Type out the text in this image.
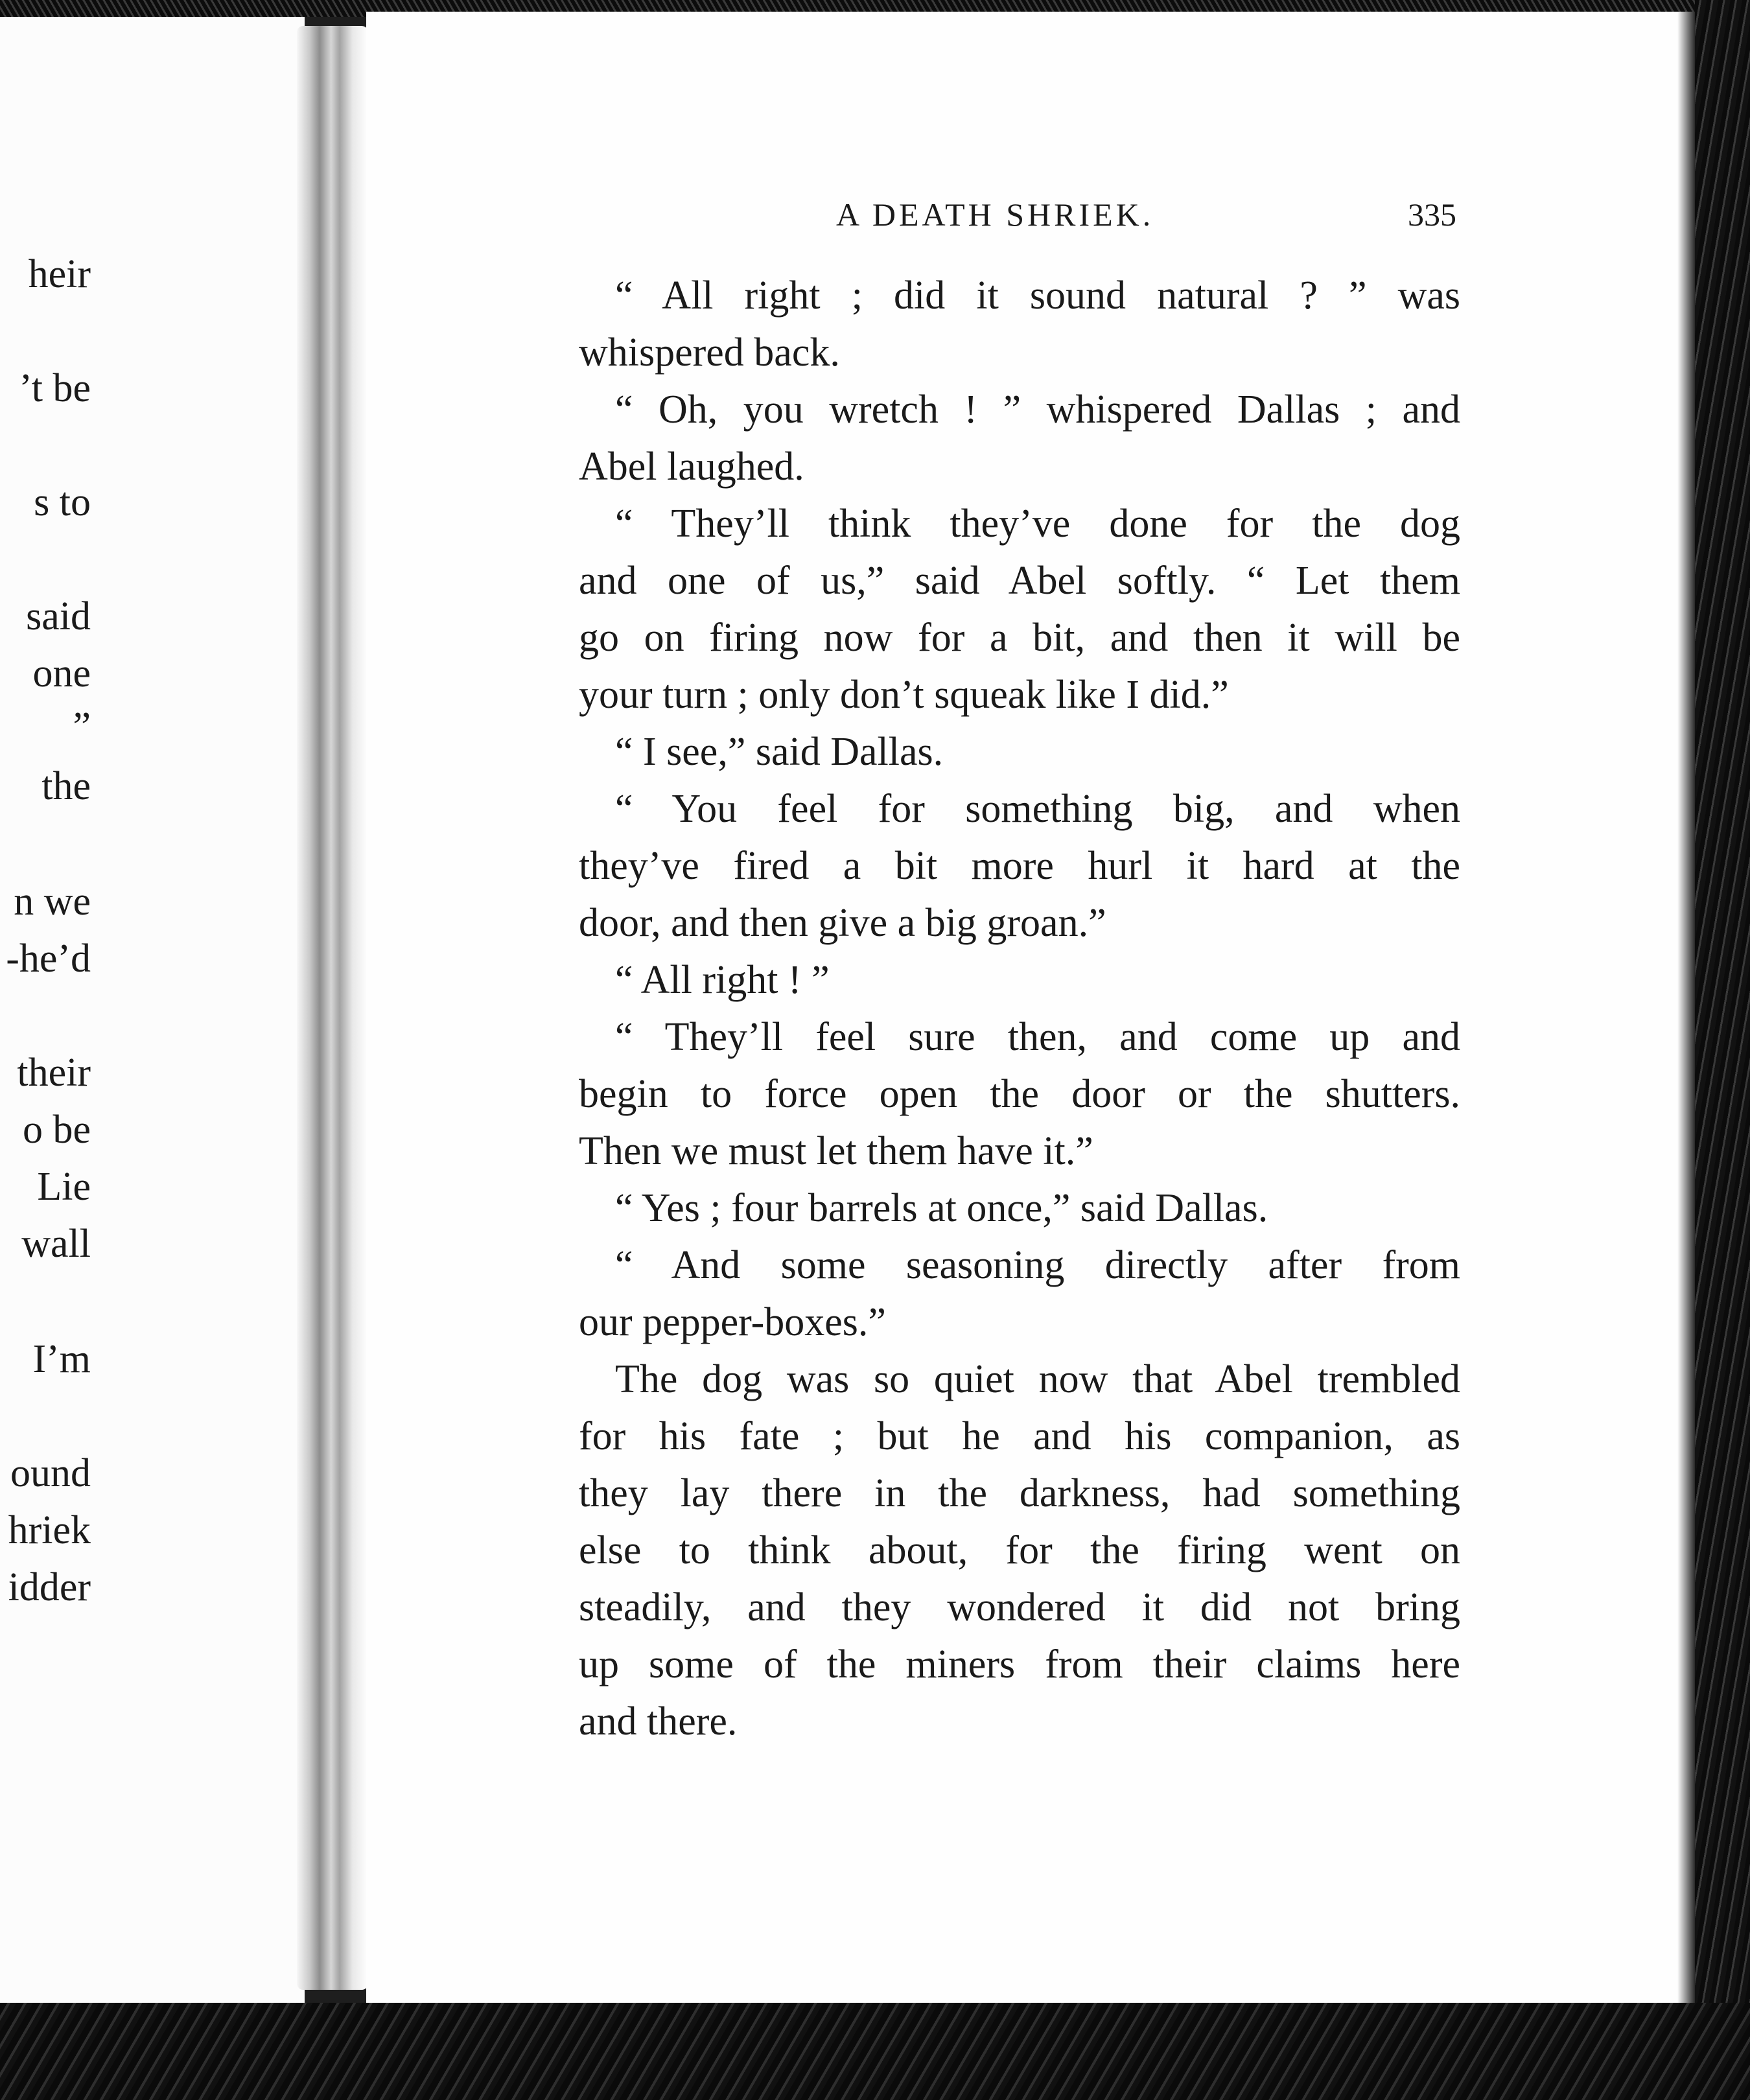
heir
’t be
s to
said
one
”
the
n we
-he’d
their
o be
Lie
wall
I’m
ound
hriek
idder
A DEATH SHRIEK.	335
“ All right ; did it sound natural ? ” was
whispered back.
“ Oh, you wretch ! ” whispered Dallas ; and
Abel laughed.
“ They’ll think they’ve done for the dog
and one of us,” said Abel softly. “ Let them
go on firing now for a bit, and then it will be
your turn ; only don’t squeak like I did.”
“ I see,” said Dallas.
“ You feel for something big, and when
they’ve fired a bit more hurl it hard at the
door, and then give a big groan.”
“ All right ! ”
“ They’ll feel sure then, and come up and
begin to force open the door or the shutters.
Then we must let them have it.”
“ Yes ; four barrels at once,” said Dallas.
“ And some seasoning directly after from
our pepper-boxes.”
The dog was so quiet now that Abel trembled
for his fate ; but he and his companion, as
they lay there in the darkness, had something
else to think about, for the firing went on
steadily, and they wondered it did not bring
up some of the miners from their claims here
and there.
